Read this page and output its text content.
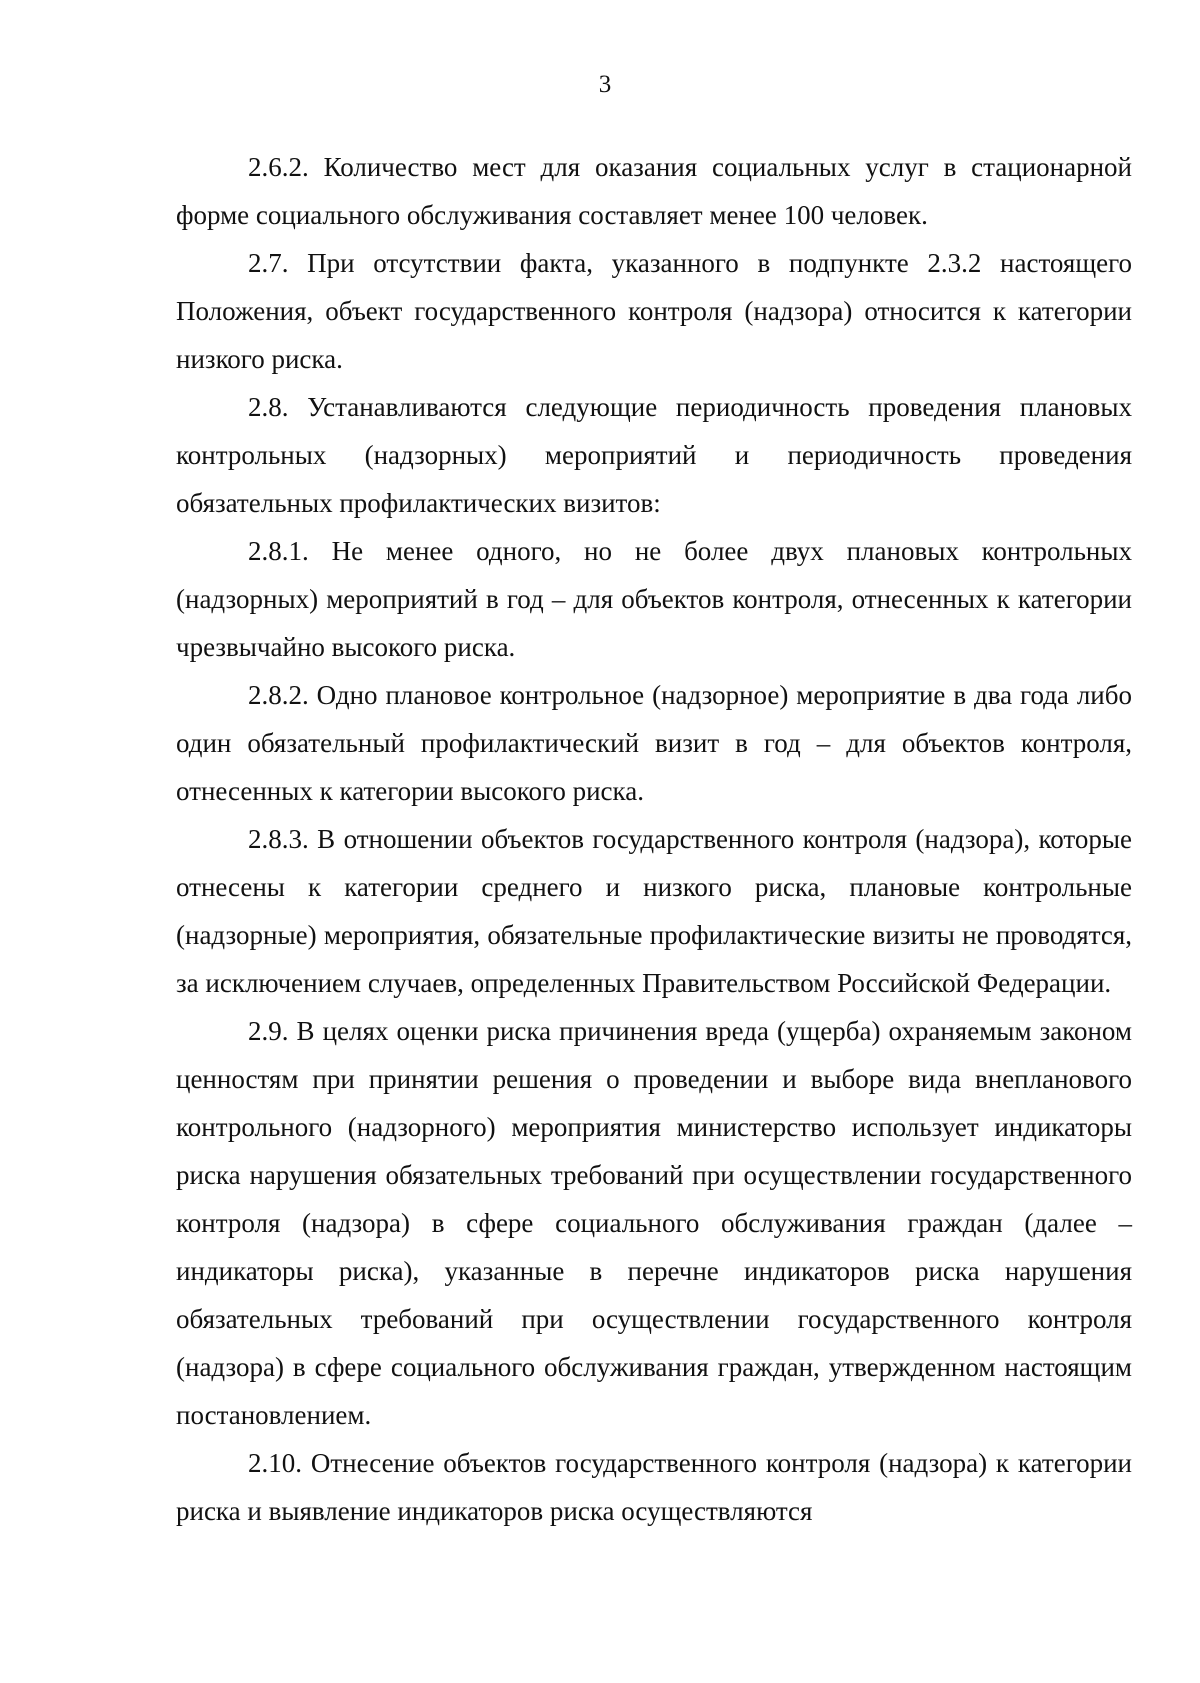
3

2.6.2. Количество мест для оказания социальных услуг в стационарной форме социального обслуживания составляет менее 100 человек.

2.7. При отсутствии факта, указанного в подпункте 2.3.2 настоящего Положения, объект государственного контроля (надзора) относится к категории низкого риска.

2.8. Устанавливаются следующие периодичность проведения плановых контрольных (надзорных) мероприятий и периодичность проведения обязательных профилактических визитов:

2.8.1. Не менее одного, но не более двух плановых контрольных (надзорных) мероприятий в год – для объектов контроля, отнесенных к категории чрезвычайно высокого риска.

2.8.2. Одно плановое контрольное (надзорное) мероприятие в два года либо один обязательный профилактический визит в год – для объектов контроля, отнесенных к категории высокого риска.

2.8.3. В отношении объектов государственного контроля (надзора), которые отнесены к категории среднего и низкого риска, плановые контрольные (надзорные) мероприятия, обязательные профилактические визиты не проводятся, за исключением случаев, определенных Правительством Российской Федерации.

2.9. В целях оценки риска причинения вреда (ущерба) охраняемым законом ценностям при принятии решения о проведении и выборе вида внепланового контрольного (надзорного) мероприятия министерство использует индикаторы риска нарушения обязательных требований при осуществлении государственного контроля (надзора) в сфере социального обслуживания граждан (далее – индикаторы риска), указанные в перечне индикаторов риска нарушения обязательных требований при осуществлении государственного контроля (надзора) в сфере социального обслуживания граждан, утвержденном настоящим постановлением.

2.10. Отнесение объектов государственного контроля (надзора) к категории риска и выявление индикаторов риска осуществляются
